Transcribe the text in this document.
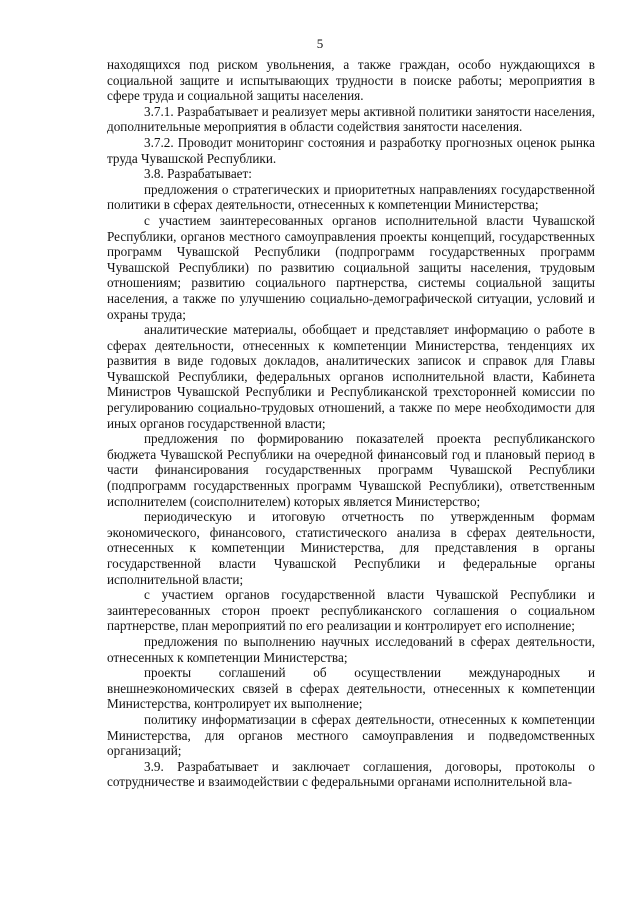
5

находящихся под риском увольнения, а также граждан, особо нуждающихся в социальной защите и испытывающих трудности в поиске работы; мероприятия в сфере труда и социальной защиты населения.

3.7.1. Разрабатывает и реализует меры активной политики занятости населения, дополнительные мероприятия в области содействия занятости населения.

3.7.2. Проводит мониторинг состояния и разработку прогнозных оценок рынка труда Чувашской Республики.

3.8. Разрабатывает:

предложения о стратегических и приоритетных направлениях государственной политики в сферах деятельности, отнесенных к компетенции Министерства;

с участием заинтересованных органов исполнительной власти Чувашской Республики, органов местного самоуправления проекты концепций, государственных программ Чувашской Республики (подпрограмм государственных программ Чувашской Республики) по развитию социальной защиты населения, трудовым отношениям; развитию социального партнерства, системы социальной защиты населения, а также по улучшению социально-демографической ситуации, условий и охраны труда;

аналитические материалы, обобщает и представляет информацию о работе в сферах деятельности, отнесенных к компетенции Министерства, тенденциях их развития в виде годовых докладов, аналитических записок и справок для Главы Чувашской Республики, федеральных органов исполнительной власти, Кабинета Министров Чувашской Республики и Республиканской трехсторонней комиссии по регулированию социально-трудовых отношений, а также по мере необходимости для иных органов государственной власти;

предложения по формированию показателей проекта республиканского бюджета Чувашской Республики на очередной финансовый год и плановый период в части финансирования государственных программ Чувашской Республики (подпрограмм государственных программ Чувашской Республики), ответственным исполнителем (соисполнителем) которых является Министерство;

периодическую и итоговую отчетность по утвержденным формам экономического, финансового, статистического анализа в сферах деятельности, отнесенных к компетенции Министерства, для представления в органы государственной власти Чувашской Республики и федеральные органы исполнительной власти;

с участием органов государственной власти Чувашской Республики и заинтересованных сторон проект республиканского соглашения о социальном партнерстве, план мероприятий по его реализации и контролирует его исполнение;

предложения по выполнению научных исследований в сферах деятельности, отнесенных к компетенции Министерства;

проекты соглашений об осуществлении международных и внешнеэкономических связей в сферах деятельности, отнесенных к компетенции Министерства, контролирует их выполнение;

политику информатизации в сферах деятельности, отнесенных к компетенции Министерства, для органов местного самоуправления и подведомственных организаций;

3.9. Разрабатывает и заключает соглашения, договоры, протоколы о сотрудничестве и взаимодействии с федеральными органами исполнительной вла-
